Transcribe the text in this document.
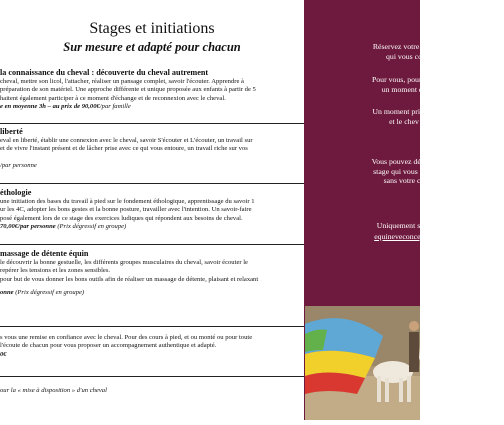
Stages et initiations
Sur mesure et adapté pour chacun
la connaissance du cheval : découverte du cheval autrement
cheval, mettre son licol, l'attacher, réaliser un pansage complet, savoir l'écouter. Apprendre à
préparation de son matériel. Une approche différente et unique proposée aux enfants à partir de 5
haitent également participer à ce moment d'échange et de reconnexion avec le cheval.
e en moyenne 3h – au prix de 90,00€/par famille
liberté
eval en liberté, établir une connexion avec le cheval, savoir S'écouter et L'écouter, un travail sur
et de vivre l'instant présent et de lâcher prise avec ce qui vous entoure, un travail riche sur vos
/par personne
éthologie
une initiation des bases du travail à pied sur le fondement éthologique, apprentissage du savoir 1
ur les 4C, adopter les bons gestes et la bonne posture, travailler avec l'intention. Un savoir-faire
posé également lors de ce stage des exercices ludiques qui répondent aux besoins de cheval.
70,00€/par personne (Prix dégressif en groupe)
massage de détente équin
le découvrir la bonne gestuelle, les différents groupes musculaires du cheval, savoir écouter le
repérer les tensions et les zones sensibles.
pour but de vous donner les bons outils afin de réaliser un massage de détente, plaisant et relaxant
onne (Prix dégressif en groupe)
s vous une remise en confiance avec le cheval. Pour des cours à pied, et ou monté ou pour toute
l'écoute de chacun pour vous proposer un accompagnement authentique et adapté.
0€
our la « mise à disposition » d'un cheval
Réservez votre séan
qui vous co
Pour vous, pour votr
un moment en
Un moment privilég
et le chev
Vous pouvez désorm
stage qui vous conv
sans votre ch
Uniquement sur r
equineveconcept@
